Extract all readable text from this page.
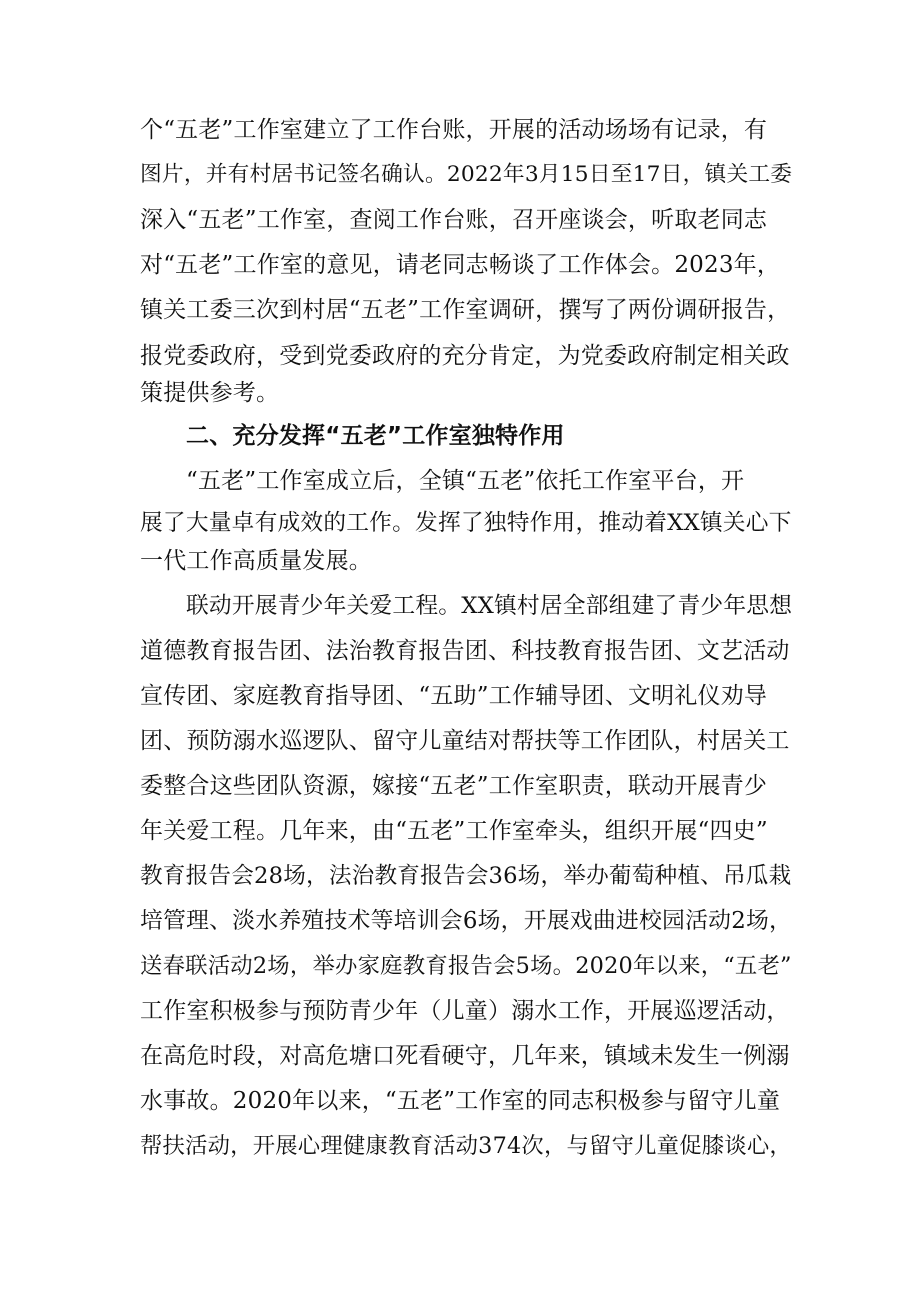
个“五老”工作室建立了工作台账，开展的活动场场有记录，有
图片，并有村居书记签名确认。2022年3月15日至17日，镇关工委
深入“五老”工作室，查阅工作台账，召开座谈会，听取老同志
对“五老”工作室的意见，请老同志畅谈了工作体会。2023年，
镇关工委三次到村居“五老”工作室调研，撰写了两份调研报告，
报党委政府，受到党委政府的充分肯定，为党委政府制定相关政
策提供参考。
二、充分发挥“五老”工作室独特作用
“五老”工作室成立后，全镇“五老”依托工作室平台，开
展了大量卓有成效的工作。发挥了独特作用，推动着XX镇关心下
一代工作高质量发展。
联动开展青少年关爱工程。XX镇村居全部组建了青少年思想
道德教育报告团、法治教育报告团、科技教育报告团、文艺活动
宣传团、家庭教育指导团、“五助”工作辅导团、文明礼仪劝导
团、预防溺水巡逻队、留守儿童结对帮扶等工作团队，村居关工
委整合这些团队资源，嫁接“五老”工作室职责，联动开展青少
年关爱工程。几年来，由“五老”工作室牵头，组织开展“四史”
教育报告会28场，法治教育报告会36场，举办葡萄种植、吊瓜栽
培管理、淡水养殖技术等培训会6场，开展戏曲进校园活动2场，
送春联活动2场，举办家庭教育报告会5场。2020年以来，“五老”
工作室积极参与预防青少年（儿童）溺水工作，开展巡逻活动，
在高危时段，对高危塘口死看硬守，几年来，镇域未发生一例溺
水事故。2020年以来，“五老”工作室的同志积极参与留守儿童
帮扶活动，开展心理健康教育活动374次，与留守儿童促膝谈心，
